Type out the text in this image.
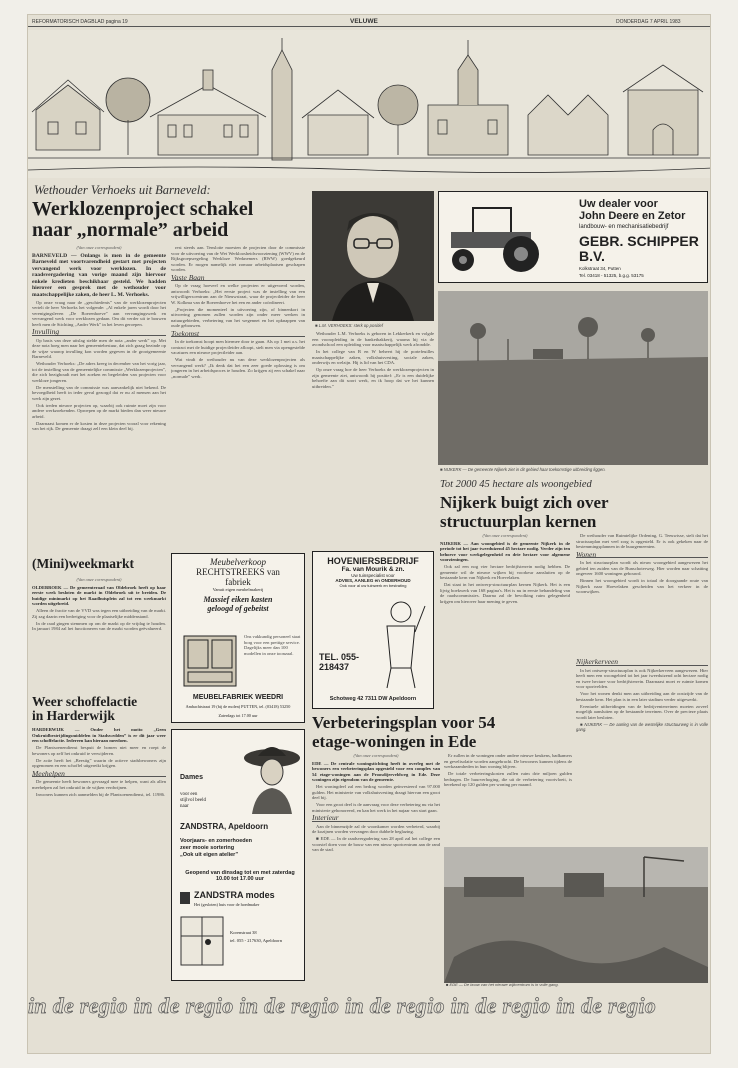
REFORMATORISCH DAGBLAD pagina 19	VELUWE	DONDERDAG 7 APRIL 1983
Wethouder Verhoeks uit Barneveld:
Werklozenproject schakel
naar „normale” arbeid
(Van onze correspondent)

BARNEVELD — Onlangs is men in de gemeente Barneveld met voortvarendheid gestart met projecten vervangend werk voor werklozen. In de raadsvergadering van vorige maand zijn hiervoor enkele kredieten beschikbaar gesteld. We hadden hierover een gesprek met de wethouder voor maatschappelijke zaken, de heer L. M. Verhoeks.

Op onze vraag naar de „geschiedenis” van de werklozenprojecten vertelt de heer Verhoeks het volgende: „Al enkele jaren wordt door het verenigingsleven „De Boerenhoeve” aan vervangingswerk en vervangend werk voor werklozen gedaan. Om dit verder uit te bouwen heeft men de Stichting „Ander Werk” in het leven geroepen.

Invulling

Op basis van deze uitslag stelde men de nota „ander werk” op. Met deze nota hoeg men naar het gemeentebestuur, dat zich graag bezinde op de wijze waarop invulling kon worden gegeven in de grootgemeente Barneveld.

Wethouder Verhoeks: „De adres kreeg in december van het vorig jaar, tot de instelling van de gemeentelijke commissie „Werklozenprojecten”, die zich bezighoudt met het zoeken en begeleiden van projecten voor werkloze jongeren.

De menstelling van de commissie was aanvankelijk niet bekend. De bevoegdheid heeft in ieder geval gezorgd dat er nu al mensen aan het werk zijn gezet.

Ook treden nieuwe projecten op, waarbij ook ruimte moet zijn voor andere werkzoekenden. Oproepen op de markt bieden dan weer nieuwe arbeid.

Daarnaast komen er de kosten in deze projecten vooral voor rekening van het rijk. De gemeente draagt zelf een klein deel bij.

rest steeds aan. Tenslotte moesten de projecten door de commissie voor de uitvoering van de Wet Werkloosheidsvoorziening (WWV) en de Rijksgroepsregeling Werkloze Werknemers (RWW) goedgekeurd worden. Er mogen namelijk niet zomaar arbeidsplaatsen geschapen worden.

Vaste Baan

Op de vraag hoeveel en welke projecten er uitgevoerd worden, antwoordt Verhoeks: „Het eerste project was de instelling van een vrijwilligerscentrum aan de Nieuwstraat, waar de projectleider de heer W. Kolkma van de Boerenhoeve het een en ander coördineert.

„Projecten die momenteel in uitvoering zijn, of binnenkort in uitvoering genomen zullen worden zijn onder meer werken in natuurgebieden, verbetering van het wegennet en het opknappen van oude gebouwen.

Toekomst

In de toekomst hoopt men hiermee door te gaan. Als op 1 mei a.s. het contract met de huidige projectleider afloopt, stelt men via opengestelde vacatures een nieuwe projectleider aan.

Wat vindt de wethouder nu van deze werklozenprojecten als vervangend werk? „Ik denk dat het een zeer goede oplossing is om jongeren in het arbeidsproces te houden. Zo krijgen zij een schakel naar „normale” werk.

■ L.M. VERHOEKS: sterk op positief

Wethouder L.M. Verhoeks is geboren in Lekkerkerk en volgde een vooropleiding in de banketbakkerij, waarna hij via de avondschool een opleiding voor maatschappelijk werk afrondde.

In het college van B en W beheert hij de portefeuilles maatschappelijke zaken, volkshuisvesting, sociale zaken, onderwijs en welzijn. Hij is lid van het CDA.

Op onze vraag hoe de heer Verhoeks de werklozenprojecten in zijn gemeente ziet, antwoordt hij positief: „Er is een duidelijke behoefte aan dit soort werk, en ik hoop dat we het kunnen uitbreiden.”

Uw dealer voor
John Deere en Zetor
landbouw- en mechanisatiebedrijf
GEBR. SCHIPPER
B.V.
Kolkstraat 34, Putten
Tel. 03418 - 51325, b.g.g. 53175
■ NIJKERK — De gemeente Nijkerk ziet in dit gebied haar toekomstige uitbreiding liggen.
Tot 2000 45 hectare als woongebied
Nijkerk buigt zich over
structuurplan kernen
(Van onze correspondent)

NIJKERK — Aan woongebied is de gemeente Nijkerk in de periode tot het jaar tweeduizend 45 hectare nodig. Verder zijn ten behoeve voor werkgelegenheid en drie hectare voor algemene voorzieningen.

Ook zal een nog vier hectare bedrijfsterrein nodig hebben. De gemeente wil de nieuwe wijken bij voorkeur aansluiten op de bestaande kern van Nijkerk en Hoevelaken.

Dat staat in het ontwerp-structuurplan kernen Nijkerk. Het is een lijvig boekwerk van 168 pagina's. Het is nu in eerste behandeling van de raadscommissies. Daarna zal de bevolking ruim gelegenheid krijgen om hierover haar mening te geven.

De wethouder van Ruimtelijke Ordening, G. Teeuwisse, stelt dat het structuurplan met veel zorg is opgesteld. Er is ook gekeken naar de bestemmingsplannen in de buurgemeenten.

Wonen

In het structuurplan wordt als nieuw woongebied aangewezen het gebied ten zuiden van de Bunschoterweg. Hier worden naar schatting ongeveer 1600 woningen gebouwd.

Binnen het woongebied wordt in totaal de doorgaande route van Nijkerk naar Hoevelaken gescheiden van het verkeer in de woonwijken.

Nijkerkerveen

In het ontwerp-structuurplan is ook Nijkerkerveen aangewezen. Hier heeft men een woongebied tot het jaar tweeduizend acht hectare nodig en twee hectare voor bedrijfsterrein. Daarnaast moet er ruimte komen voor sportvelden.

Voor het wonen denkt men aan uitbreiding aan de oostzijde van de bestaande kern. Het plan is in een later stadium verder uitgewerkt.

Eventuele uitbreidingen van de bedrijventerreinen moeten zoveel mogelijk aansluiten op de bestaande terreinen. Over de precieze plaats wordt later besloten.

■ NIJKERK — De aanleg van de westelijke structuurweg is in volle gang.

HOVENIERSBEDRIJF
Fa. van Mourik & zn.
Uw tuinspecialist voor
ADVIES, AANLEG en ONDERHOUD
Ook voor al uw tuinwerk en bestrating
TEL. 055-218437
Schotweg 42 7311 DW Apeldoorn
(Mini)weekmarkt
(Van onze correspondent)

OLDEBROEK — De gemeenteraad van Oldebroek heeft op haar eerste week besloten de markt in Oldebroek uit te breiden. De huidige minimarkt op het Raadhuisplein zal tot een weekmarkt worden uitgebreid.

Alleen de fractie van de VVD was tegen een uitbreiding van de markt. Zij zag daarin een bedreiging voor de plaatselijke middenstand.

In de raad gingen stemmen op om de markt op de vrijdag te houden. In januari 1984 zal het functioneren van de markt worden geëvalueerd.

Meubelverkoop
RECHTSTREEKS van
fabriek
Vanuit eigen meubelmakerij
Massief eiken kasten
geloogd of gebeitst
Ons vakkundig personeel staat borg voor een prettige service. Dagelijks meer dan 100 modellen in onze toonzaal.
MEUBELFABRIEK WEEDRI
Ambachtstraat 19 (bij de molen) PUTTEN, tel. (03418) 53250
Zaterdags tot 17.00 uur
Weer schoffelactie
in Harderwijk

HARDERWIJK — Onder het motto „Geen Onkruidbestrijdingsmiddelen in Stadswedden” is er dit jaar weer een schoffelactie. Iedereen kan hieraan meedoen.

De Plantsoenendienst bespuit de bomen niet meer en roept de bewoners op zelf het onkruid te verwijderen.

De actie heeft het „Beestig” waarin de actieve stadsbewoners zijn opgenomen en een schoffel uitgereikt krijgen.

Meehelpen

De gemeente heeft bewoners gevraagd mee te helpen, want als allen meehelpen zal het onkruid in de wijken verdwijnen.

Inwoners kunnen zich aanmelden bij de Plantsoenendienst, tel. 11986.

Dames
voor een
stijlvol beeld
naar
ZANDSTRA, Apeldoorn
Voorjaars- en zomerhoeden
zeer mooie sortering
„Ook uit eigen atelier”
Geopend van dinsdag tot en met zaterdag 10.00 tot 17.00 uur
ZANDSTRA modes
Het (gesloten) huis voor de hoedmaker
Korenstraat 38
tel. 055 - 217630, Apeldoorn
Verbeteringsplan voor 54
etage-woningen in Ede
(Van onze correspondent)

EDE — De centrale woningstichting heeft in overleg met de bewoners een verbeteringsplan opgesteld voor een complex van 54 etage-woningen aan de Proosdijerveldweg in Ede. Deze woningen zijn eigendom van de gemeente.

Het woningdeel zal een bedrag worden geïnvesteerd van 97.000 gulden. Het ministerie van volkshuisvesting draagt hiervan een groot deel bij.

Voor een groot deel is de aanvraag voor deze verbetering nu via het ministerie gehonoreerd, en kan het werk in het najaar van start gaan.

Interieur

Aan de binnenzijde zal de woonkamer worden verbeterd, waarbij de kozijnen worden vervangen door dubbele beglazing.

■ EDE — In de raadsvergadering van 28 april zal het college een voorstel doen voor de bouw van een nieuw sportcentrum aan de rand van de stad.

Er zullen in de woningen onder andere nieuwe keukens, badkamers en gevelisolatie worden aangebracht. De bewoners kunnen tijdens de werkzaamheden in hun woning blijven.

De totale verbeteringskosten zullen ruim drie miljoen gulden bedragen. De huurverhoging, die uit de verbetering voortvloeit, is berekend op 120 gulden per woning per maand.

■ EDE — De bouw van het nieuwe wijkcentrum is in volle gang.
in de regio in de regio in de regio in de regio in de regio in de regio
